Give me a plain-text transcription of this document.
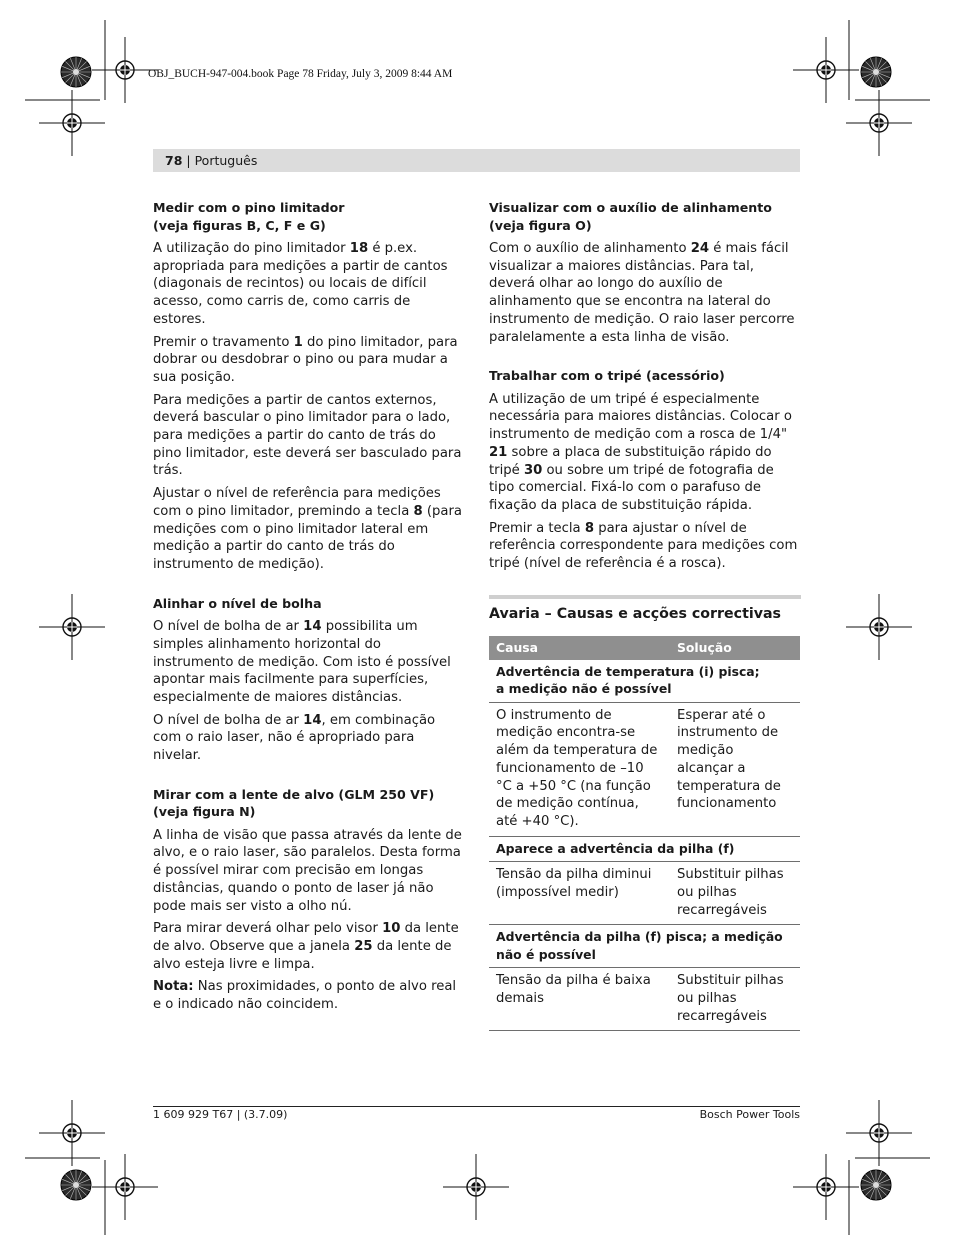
OBJ_BUCH-947-004.book Page 78 Friday, July 3, 2009 8:44 AM
78 | Português
Medir com o pino limitador
(veja figuras B, C, F e G)

A utilização do pino limitador 18 é p.ex. apropriada para medições a partir de cantos (diagonais de recintos) ou locais de difícil acesso, como carris de, como carris de estores.

Premir o travamento 1 do pino limitador, para dobrar ou desdobrar o pino ou para mudar a sua posição.

Para medições a partir de cantos externos, deverá bascular o pino limitador para o lado, para medições a partir do canto de trás do pino limitador, este deverá ser basculado para trás.

Ajustar o nível de referência para medições com o pino limitador, premindo a tecla 8 (para medições com o pino limitador lateral em medição a partir do canto de trás do instrumento de medição).

Alinhar o nível de bolha

O nível de bolha de ar 14 possibilita um simples alinhamento horizontal do instrumento de medição. Com isto é possível apontar mais facilmente para superfícies, especialmente de maiores distâncias.

O nível de bolha de ar 14, em combinação com o raio laser, não é apropriado para nivelar.

Mirar com a lente de alvo (GLM 250 VF)
(veja figura N)

A linha de visão que passa através da lente de alvo, e o raio laser, são paralelos. Desta forma é possível mirar com precisão em longas distâncias, quando o ponto de laser já não pode mais ser visto a olho nú.

Para mirar deverá olhar pelo visor 10 da lente de alvo. Observe que a janela 25 da lente de alvo esteja livre e limpa.

Nota: Nas proximidades, o ponto de alvo real e o indicado não coincidem.

Visualizar com o auxílio de alinhamento
(veja figura O)

Com o auxílio de alinhamento 24 é mais fácil visualizar a maiores distâncias. Para tal, deverá olhar ao longo do auxílio de alinhamento que se encontra na lateral do instrumento de medição. O raio laser percorre paralelamente a esta linha de visão.

Trabalhar com o tripé (acessório)

A utilização de um tripé é especialmente necessária para maiores distâncias. Colocar o instrumento de medição com a rosca de 1/4" 21 sobre a placa de substituição rápido do tripé 30 ou sobre um tripé de fotografia de tipo comercial. Fixá-lo com o parafuso de fixação da placa de substituição rápida.

Premir a tecla 8 para ajustar o nível de referência correspondente para medições com tripé (nível de referência é a rosca).

Avaria – Causas e acções correctivas
Causa	Solução
Advertência de temperatura (i) pisca;
a medição não é possível	
O instrumento de medição encontra-se além da temperatura de funcionamento de –10 °C a +50 °C (na função de medição contínua, até +40 °C).	Esperar até o instrumento de medição alcançar a temperatura de funcionamento
Aparece a advertência da pilha (f)	
Tensão da pilha diminui (impossível medir)	Substituir pilhas ou pilhas recarregáveis
Advertência da pilha (f) pisca; a medição não é possível	
Tensão da pilha é baixa demais	Substituir pilhas ou pilhas recarregáveis
1 609 929 T67 | (3.7.09)	Bosch Power Tools
